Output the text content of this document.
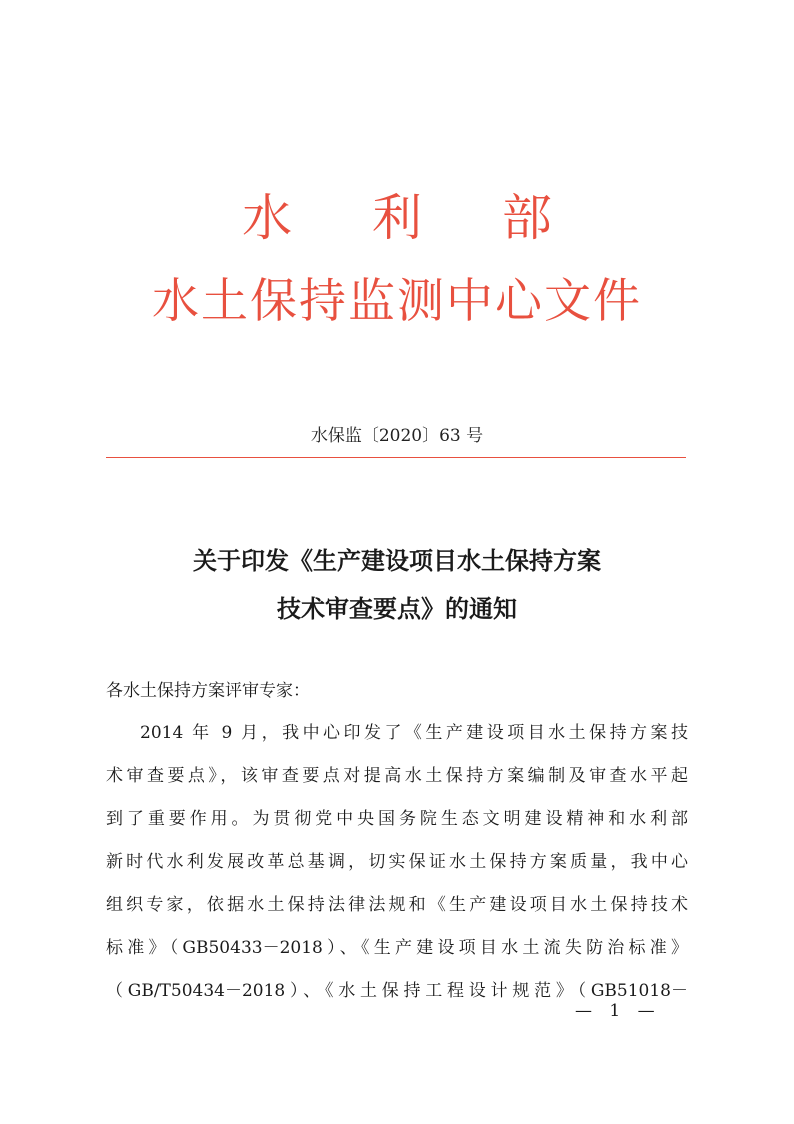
水 利 部
水土保持监测中心文件
水保监〔2020〕63 号
关于印发《生产建设项目水土保持方案
技术审查要点》的通知
各水土保持方案评审专家：
2014 年 9 月，我中心印发了《生产建设项目水土保持方案技
术审查要点》，该审查要点对提高水土保持方案编制及审查水平起
到了重要作用。为贯彻党中央国务院生态文明建设精神和水利部
新时代水利发展改革总基调，切实保证水土保持方案质量，我中心
组织专家，依据水土保持法律法规和《生产建设项目水土保持技术
标准》（GB50433－2018）、《生产建设项目水土流失防治标准》
（GB/T50434－2018）、《水土保持工程设计规范》（GB51018－
— 1 —
